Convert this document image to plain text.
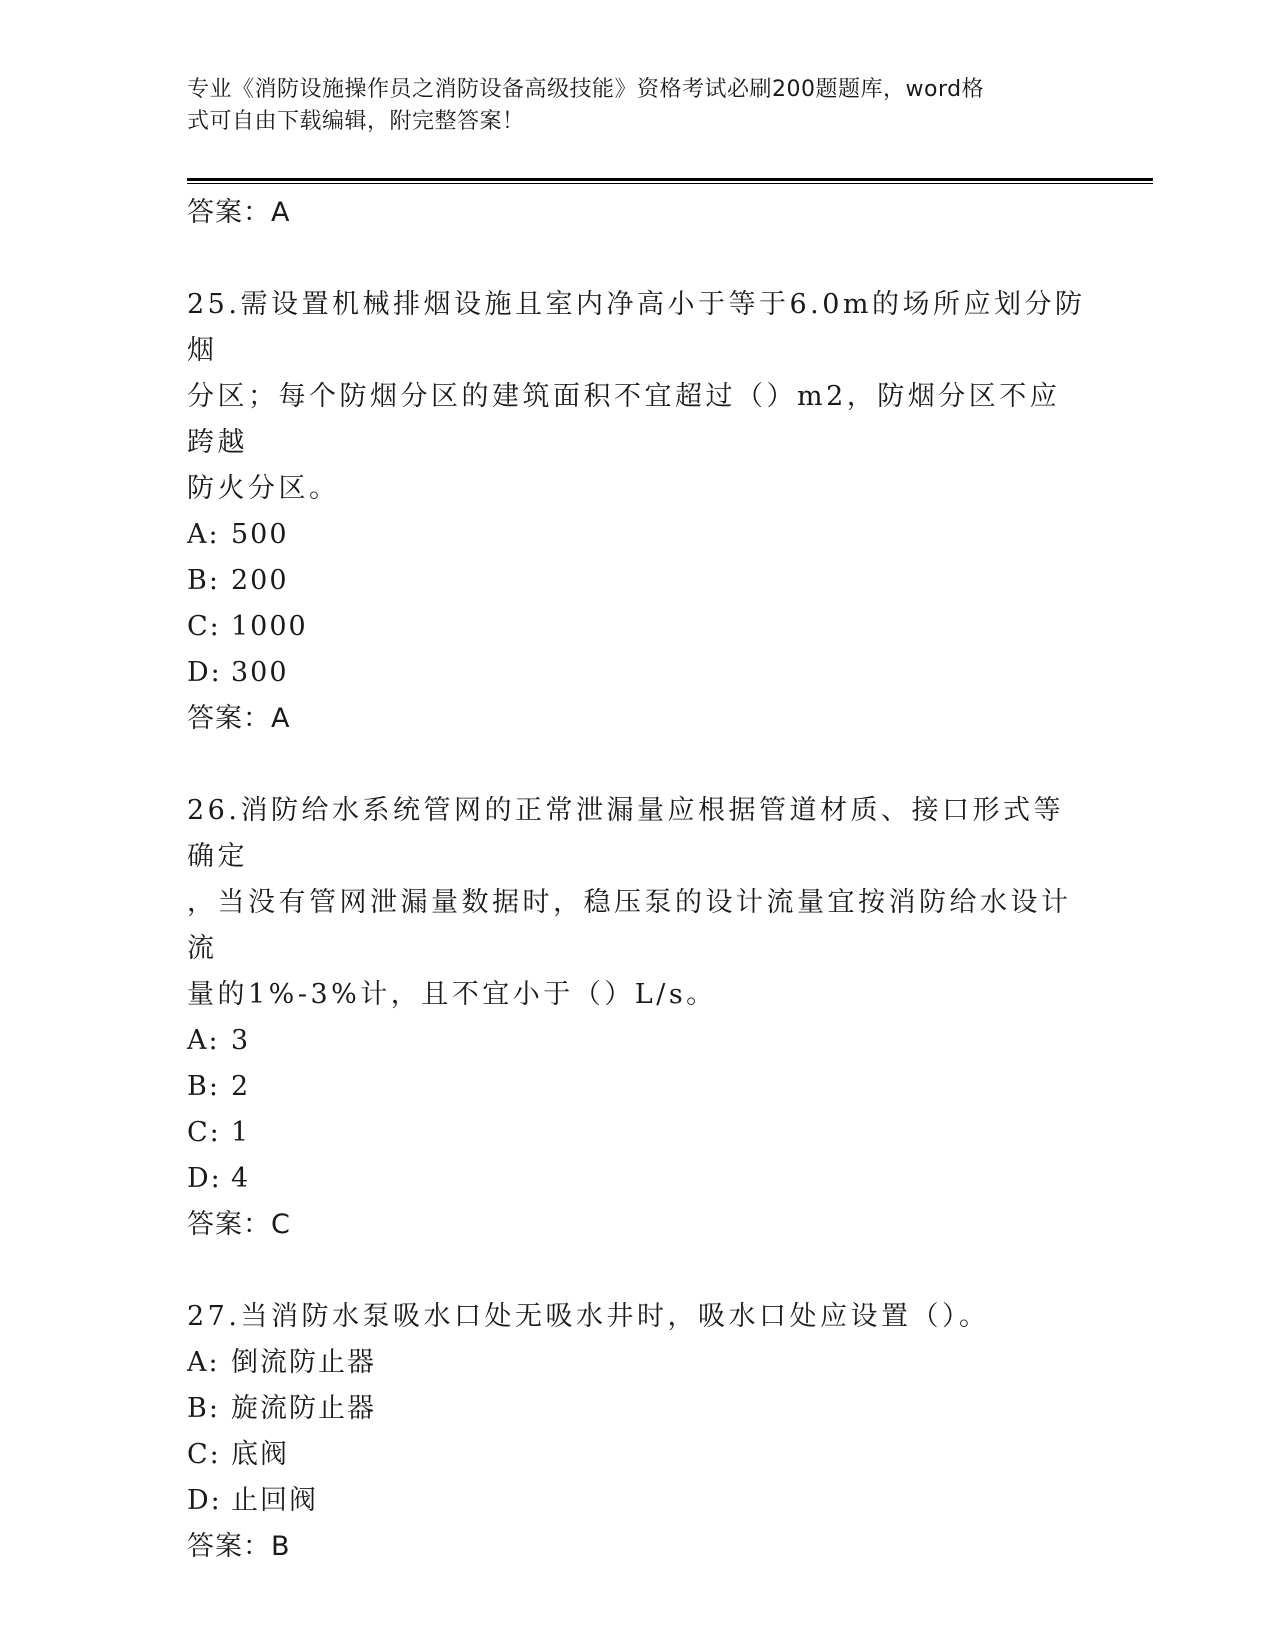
专业《消防设施操作员之消防设备高级技能》资格考试必刷200题题库，word格
式可自由下载编辑，附完整答案！
答案：A
25.需设置机械排烟设施且室内净高小于等于6.0m的场所应划分防烟
分区；每个防烟分区的建筑面积不宜超过（）m2，防烟分区不应跨越
防火分区。
A: 500
B: 200
C: 1000
D: 300
答案：A
26.消防给水系统管网的正常泄漏量应根据管道材质、接口形式等确定
，当没有管网泄漏量数据时，稳压泵的设计流量宜按消防给水设计流
量的1%-3%计，且不宜小于（）L/s。
A: 3
B: 2
C: 1
D: 4
答案：C
27.当消防水泵吸水口处无吸水井时，吸水口处应设置（）。
A: 倒流防止器
B: 旋流防止器
C: 底阀
D: 止回阀
答案：B
